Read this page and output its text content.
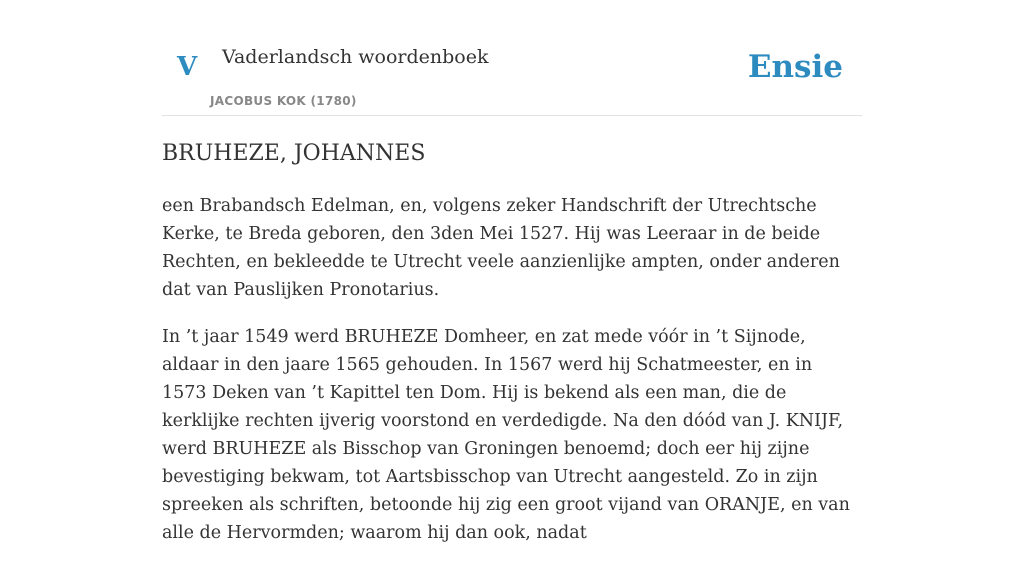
V Vaderlandsch woordenboek
JACOBUS KOK (1780)
Ensie
BRUHEZE, JOHANNES

een Brabandsch Edelman, en, volgens zeker Handschrift der Utrechtsche Kerke, te Breda geboren, den 3den Mei 1527. Hij was Leeraar in de beide Rechten, en bekleedde te Utrecht veele aanzienlijke ampten, onder anderen dat van Pauslijken Pronotarius.

In ’t jaar 1549 werd BRUHEZE Domheer, en zat mede vóór in ’t Sijnode, aldaar in den jaare 1565 gehouden. In 1567 werd hij Schatmeester, en in 1573 Deken van ’t Kapittel ten Dom. Hij is bekend als een man, die de kerklijke rechten ijverig voorstond en verdedigde. Na den dóód van J. KNIJF, werd BRUHEZE als Bisschop van Groningen benoemd; doch eer hij zijne bevestiging bekwam, tot Aartsbisschop van Utrecht aangesteld. Zo in zijn spreeken als schriften, betoonde hij zig een groot vijand van ORANJE, en van alle de Hervormden; waarom hij dan ook, nadat
